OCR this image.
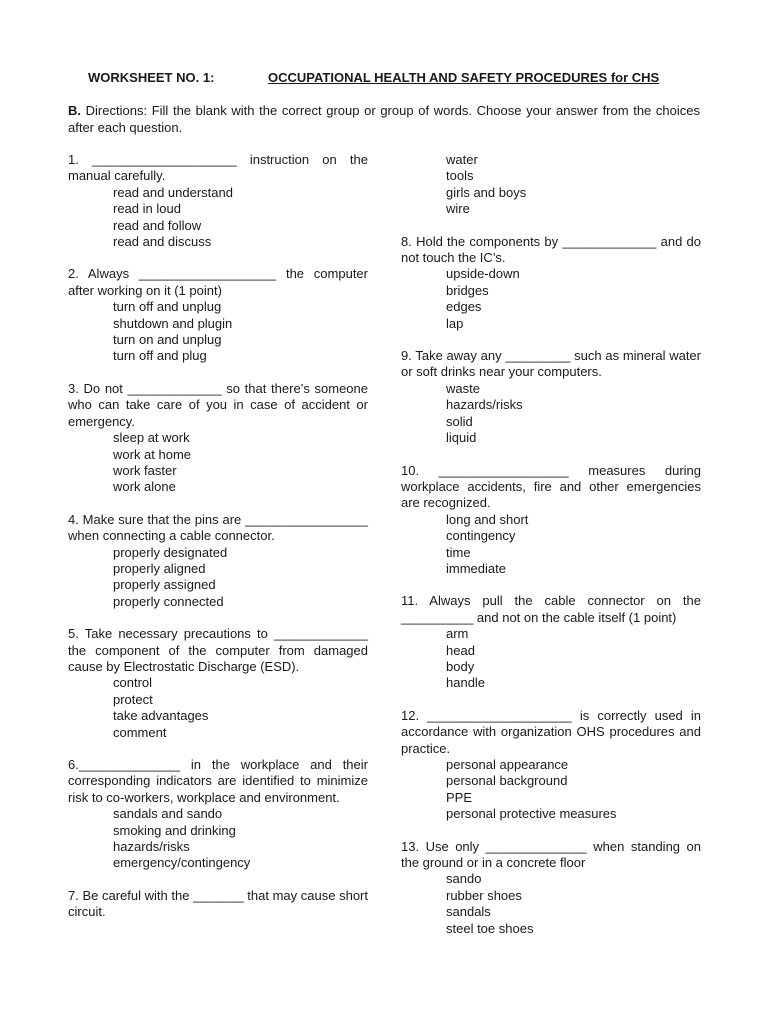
WORKSHEET NO. 1:	OCCUPATIONAL HEALTH AND SAFETY PROCEDURES for CHS
B. Directions: Fill the blank with the correct group or group of words. Choose your answer from the choices after each question.
1. ____________________ instruction on the manual carefully.
read and understand
read in loud
read and follow
read and discuss
2. Always ___________________ the computer after working on it (1 point)
turn off and unplug
shutdown and plugin
turn on and unplug
turn off and plug
3. Do not _____________ so that there’s someone who can take care of you in case of accident or emergency.
sleep at work
work at home
work faster
work alone
4. Make sure that the pins are _________________ when connecting a cable connector.
properly designated
properly aligned
properly assigned
properly connected
5. Take necessary precautions to _____________ the component of the computer from damaged cause by Electrostatic Discharge (ESD).
control
protect
take advantages
comment
6.______________ in the workplace and their corresponding indicators are identified to minimize risk to co-workers, workplace and environment.
sandals and sando
smoking and drinking
hazards/risks
emergency/contingency
7. Be careful with the _______ that may cause short circuit.
water
tools
girls and boys
wire
8. Hold the components by _____________ and do not touch the IC’s.
upside-down
bridges
edges
lap
9. Take away any _________ such as mineral water or soft drinks near your computers.
waste
hazards/risks
solid
liquid
10. __________________ measures during workplace accidents, fire and other emergencies are recognized.
long and short
contingency
time
immediate
11. Always pull the cable connector on the __________ and not on the cable itself (1 point)
arm
head
body
handle
12. ____________________ is correctly used in accordance with organization OHS procedures and practice.
personal appearance
personal background
PPE
personal protective measures
13. Use only ______________ when standing on the ground or in a concrete floor
sando
rubber shoes
sandals
steel toe shoes
